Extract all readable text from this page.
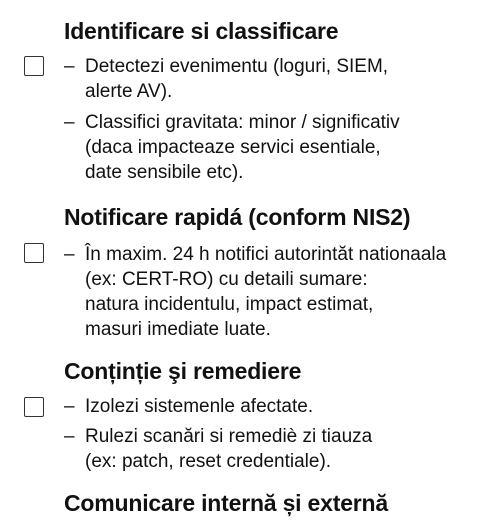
Identificare si classificare
– Detectezi evenimentu (loguri, SIEM,
alerte AV).
– Classifici gravitata: minor / significativ
(daca impacteaze servici esentiale,
date sensibile etc).
Notificare rapidá (conform NIS2)
– În maxim. 24 h notifici autorintăt nationaala
(ex: CERT-RO) cu detaili sumare:
natura incidentulu, impact estimat,
masuri imediate luate.
Conținție şi remediere
– Izolezi sistemenle afectate.
– Rulezi scanări si remediè zi tiauza
(ex: patch, reset credentiale).
Comunicare internă și externă
